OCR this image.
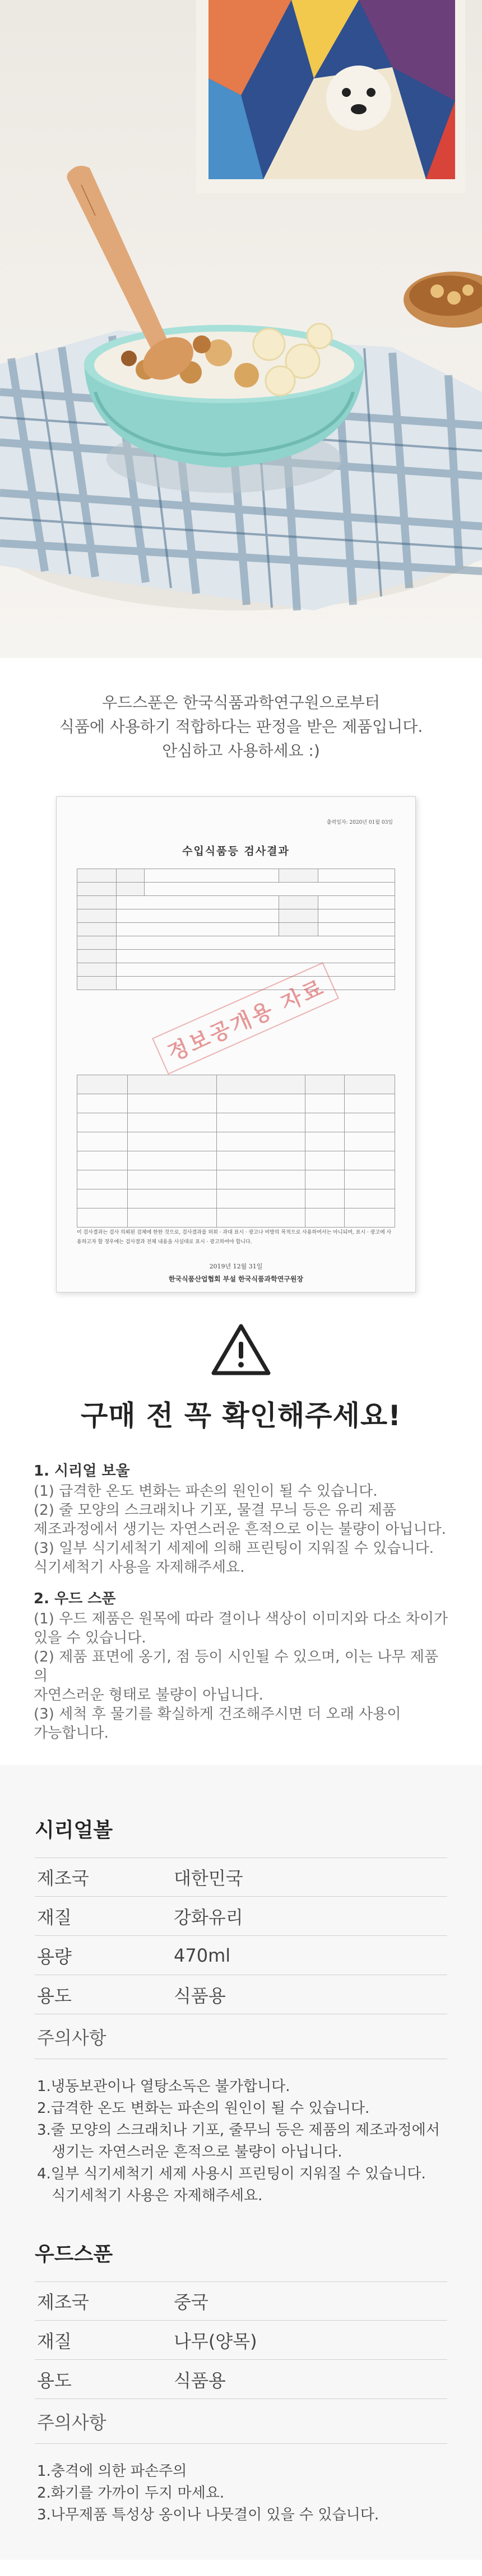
우드스푼은 한국식품과학연구원으로부터
식품에 사용하기 적합하다는 판정을 받은 제품입니다.
안심하고 사용하세요 :)
출력일자: 2020년 01월 03일
수입식품등 검사결과

정보공개용 자료

이 검사결과는 검사 의뢰된 검체에 한한 것으로, 검사결과를 허위 · 과대 표시 · 광고나 비방의 목적으로 사용하여서는 아니되며, 표시 · 광고에 사용하고자 할 경우에는 검사결과 전체 내용을 사실대로 표시 · 광고하여야 합니다.
2019년 12월 31일
한국식품산업협회 부설 한국식품과학연구원장
구매 전 꼭 확인해주세요!
1. 시리얼 보울
(1) 급격한 온도 변화는 파손의 원인이 될 수 있습니다.
(2) 줄 모양의 스크래치나 기포, 물결 무늬 등은 유리 제품
제조과정에서 생기는 자연스러운 흔적으로 이는 불량이 아닙니다.
(3) 일부 식기세척기 세제에 의해 프린팅이 지워질 수 있습니다.
식기세척기 사용을 자제해주세요.
2. 우드 스푼
(1) 우드 제품은 원목에 따라 결이나 색상이 이미지와 다소 차이가
있을 수 있습니다.
(2) 제품 표면에 옹기, 점 등이 시인될 수 있으며, 이는 나무 제품의
자연스러운 형태로 불량이 아닙니다.
(3) 세척 후 물기를 확실하게 건조해주시면 더 오래 사용이
가능합니다.
시리얼볼
제조국	대한민국
재질	강화유리
용량	470ml
용도	식품용
주의사항
1.냉동보관이나 열탕소독은 불가합니다.
2.급격한 온도 변화는 파손의 원인이 될 수 있습니다.
3.줄 모양의 스크래치나 기포, 줄무늬 등은 제품의 제조과정에서
생기는 자연스러운 흔적으로 불량이 아닙니다.
4.일부 식기세척기 세제 사용시 프린팅이 지워질 수 있습니다.
식기세척기 사용은 자제해주세요.
우드스푼
제조국	중국
재질	나무(양목)
용도	식품용
주의사항
1.충격에 의한 파손주의
2.화기를 가까이 두지 마세요.
3.나무제품 특성상 옹이나 나뭇결이 있을 수 있습니다.
